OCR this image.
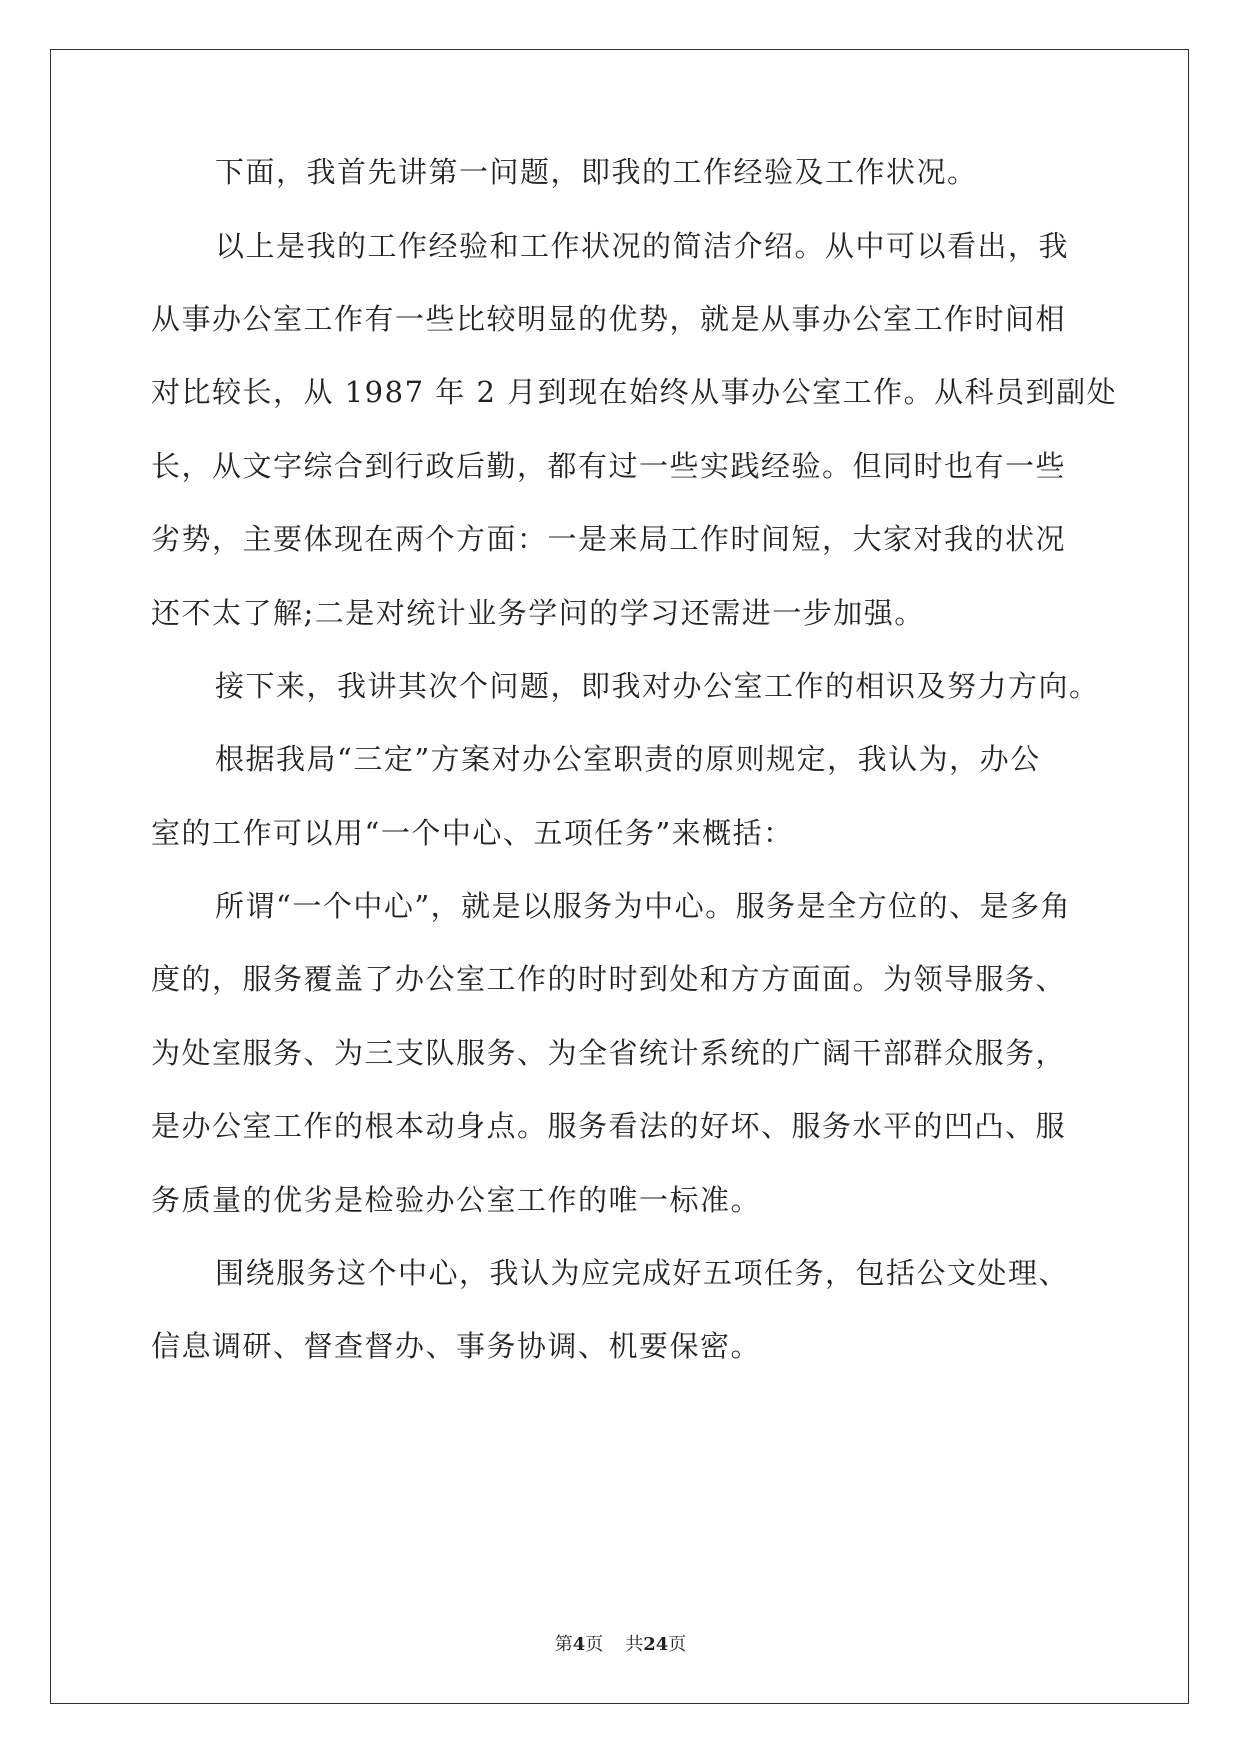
下面，我首先讲第一问题，即我的工作经验及工作状况。
以上是我的工作经验和工作状况的简洁介绍。从中可以看出，我
从事办公室工作有一些比较明显的优势，就是从事办公室工作时间相
对比较长，从 1987 年 2 月到现在始终从事办公室工作。从科员到副处
长，从文字综合到行政后勤，都有过一些实践经验。但同时也有一些
劣势，主要体现在两个方面：一是来局工作时间短，大家对我的状况
还不太了解;二是对统计业务学问的学习还需进一步加强。
接下来，我讲其次个问题，即我对办公室工作的相识及努力方向。
根据我局“三定”方案对办公室职责的原则规定，我认为，办公
室的工作可以用“一个中心、五项任务”来概括：
所谓“一个中心”，就是以服务为中心。服务是全方位的、是多角
度的，服务覆盖了办公室工作的时时到处和方方面面。为领导服务、
为处室服务、为三支队服务、为全省统计系统的广阔干部群众服务，
是办公室工作的根本动身点。服务看法的好坏、服务水平的凹凸、服
务质量的优劣是检验办公室工作的唯一标准。
围绕服务这个中心，我认为应完成好五项任务，包括公文处理、
信息调研、督查督办、事务协调、机要保密。
第4页 共24页
